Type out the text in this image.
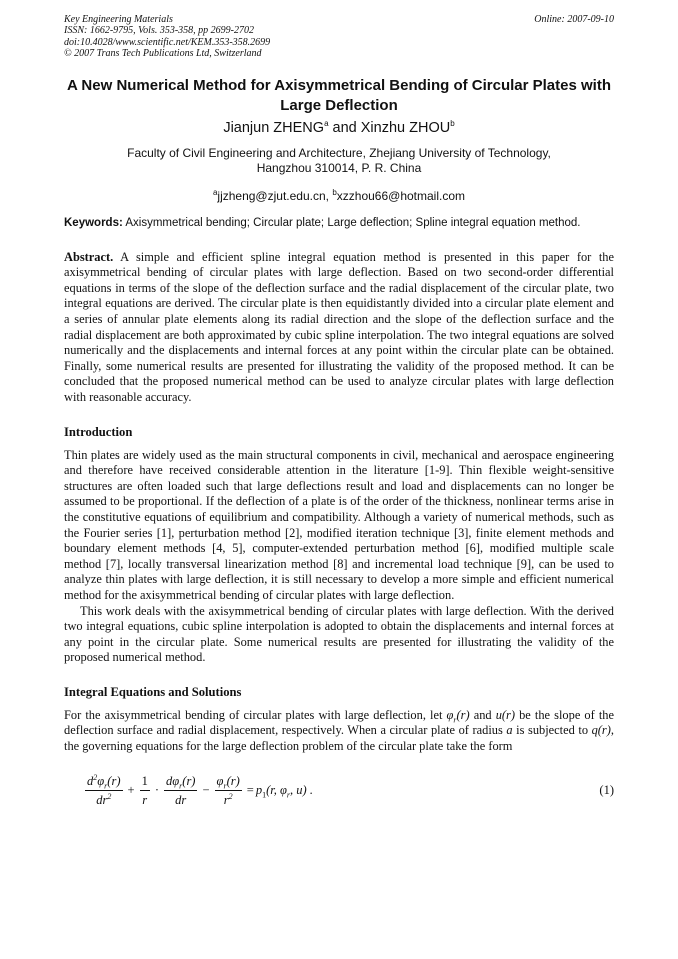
Key Engineering Materials
ISSN: 1662-9795, Vols. 353-358, pp 2699-2702
doi:10.4028/www.scientific.net/KEM.353-358.2699
© 2007 Trans Tech Publications Ltd, Switzerland
Online: 2007-09-10
A New Numerical Method for Axisymmetrical Bending of Circular Plates with Large Deflection
Jianjun ZHENG$^a$ and Xinzhu ZHOU$^b$
Faculty of Civil Engineering and Architecture, Zhejiang University of Technology,
Hangzhou 310014, P. R. China
$^a$jjzheng@zjut.edu.cn, $^b$xzzhou66@hotmail.com
Keywords: Axisymmetrical bending; Circular plate; Large deflection; Spline integral equation method.

Abstract. A simple and efficient spline integral equation method is presented in this paper for the axisymmetrical bending of circular plates with large deflection. Based on two second-order differential equations in terms of the slope of the deflection surface and the radial displacement of the circular plate, two integral equations are derived. The circular plate is then equidistantly divided into a circular plate element and a series of annular plate elements along its radial direction and the slope of the deflection surface and the radial displacement are both approximated by cubic spline interpolation. The two integral equations are solved numerically and the displacements and internal forces at any point within the circular plate can be obtained. Finally, some numerical results are presented for illustrating the validity of the proposed method. It can be concluded that the proposed numerical method can be used to analyze circular plates with large deflection with reasonable accuracy.

Introduction

Thin plates are widely used as the main structural components in civil, mechanical and aerospace engineering and therefore have received considerable attention in the literature [1-9]. Thin flexible weight-sensitive structures are often loaded such that large deflections result and load and displacements can no longer be assumed to be proportional. If the deflection of a plate is of the order of the thickness, nonlinear terms arise in the constitutive equations of equilibrium and compatibility. Although a variety of numerical methods, such as the Fourier series [1], perturbation method [2], modified iteration technique [3], finite element methods and boundary element methods [4, 5], computer-extended perturbation method [6], modified multiple scale method [7], locally transversal linearization method [8] and incremental load technique [9], can be used to analyze thin plates with large deflection, it is still necessary to develop a more simple and efficient numerical method for the axisymmetrical bending of circular plates with large deflection.

This work deals with the axisymmetrical bending of circular plates with large deflection. With the derived two integral equations, cubic spline interpolation is adopted to obtain the displacements and internal forces at any point in the circular plate. Some numerical results are presented for illustrating the validity of the proposed numerical method.

Integral Equations and Solutions

For the axisymmetrical bending of circular plates with large deflection, let $\varphi_r(r)$ and u(r) be the slope of the deflection surface and radial displacement, respectively. When a circular plate of radius a is subjected to q(r), the governing equations for the large deflection problem of the circular plate take the form

$\frac{d^2\varphi_r(r)}{dr^2} + \frac{1}{r} \cdot \frac{d\varphi_r(r)}{dr} - \frac{\varphi_r(r)}{r^2} = p_1(r$, $\varphi_r$, u) .	(1)
